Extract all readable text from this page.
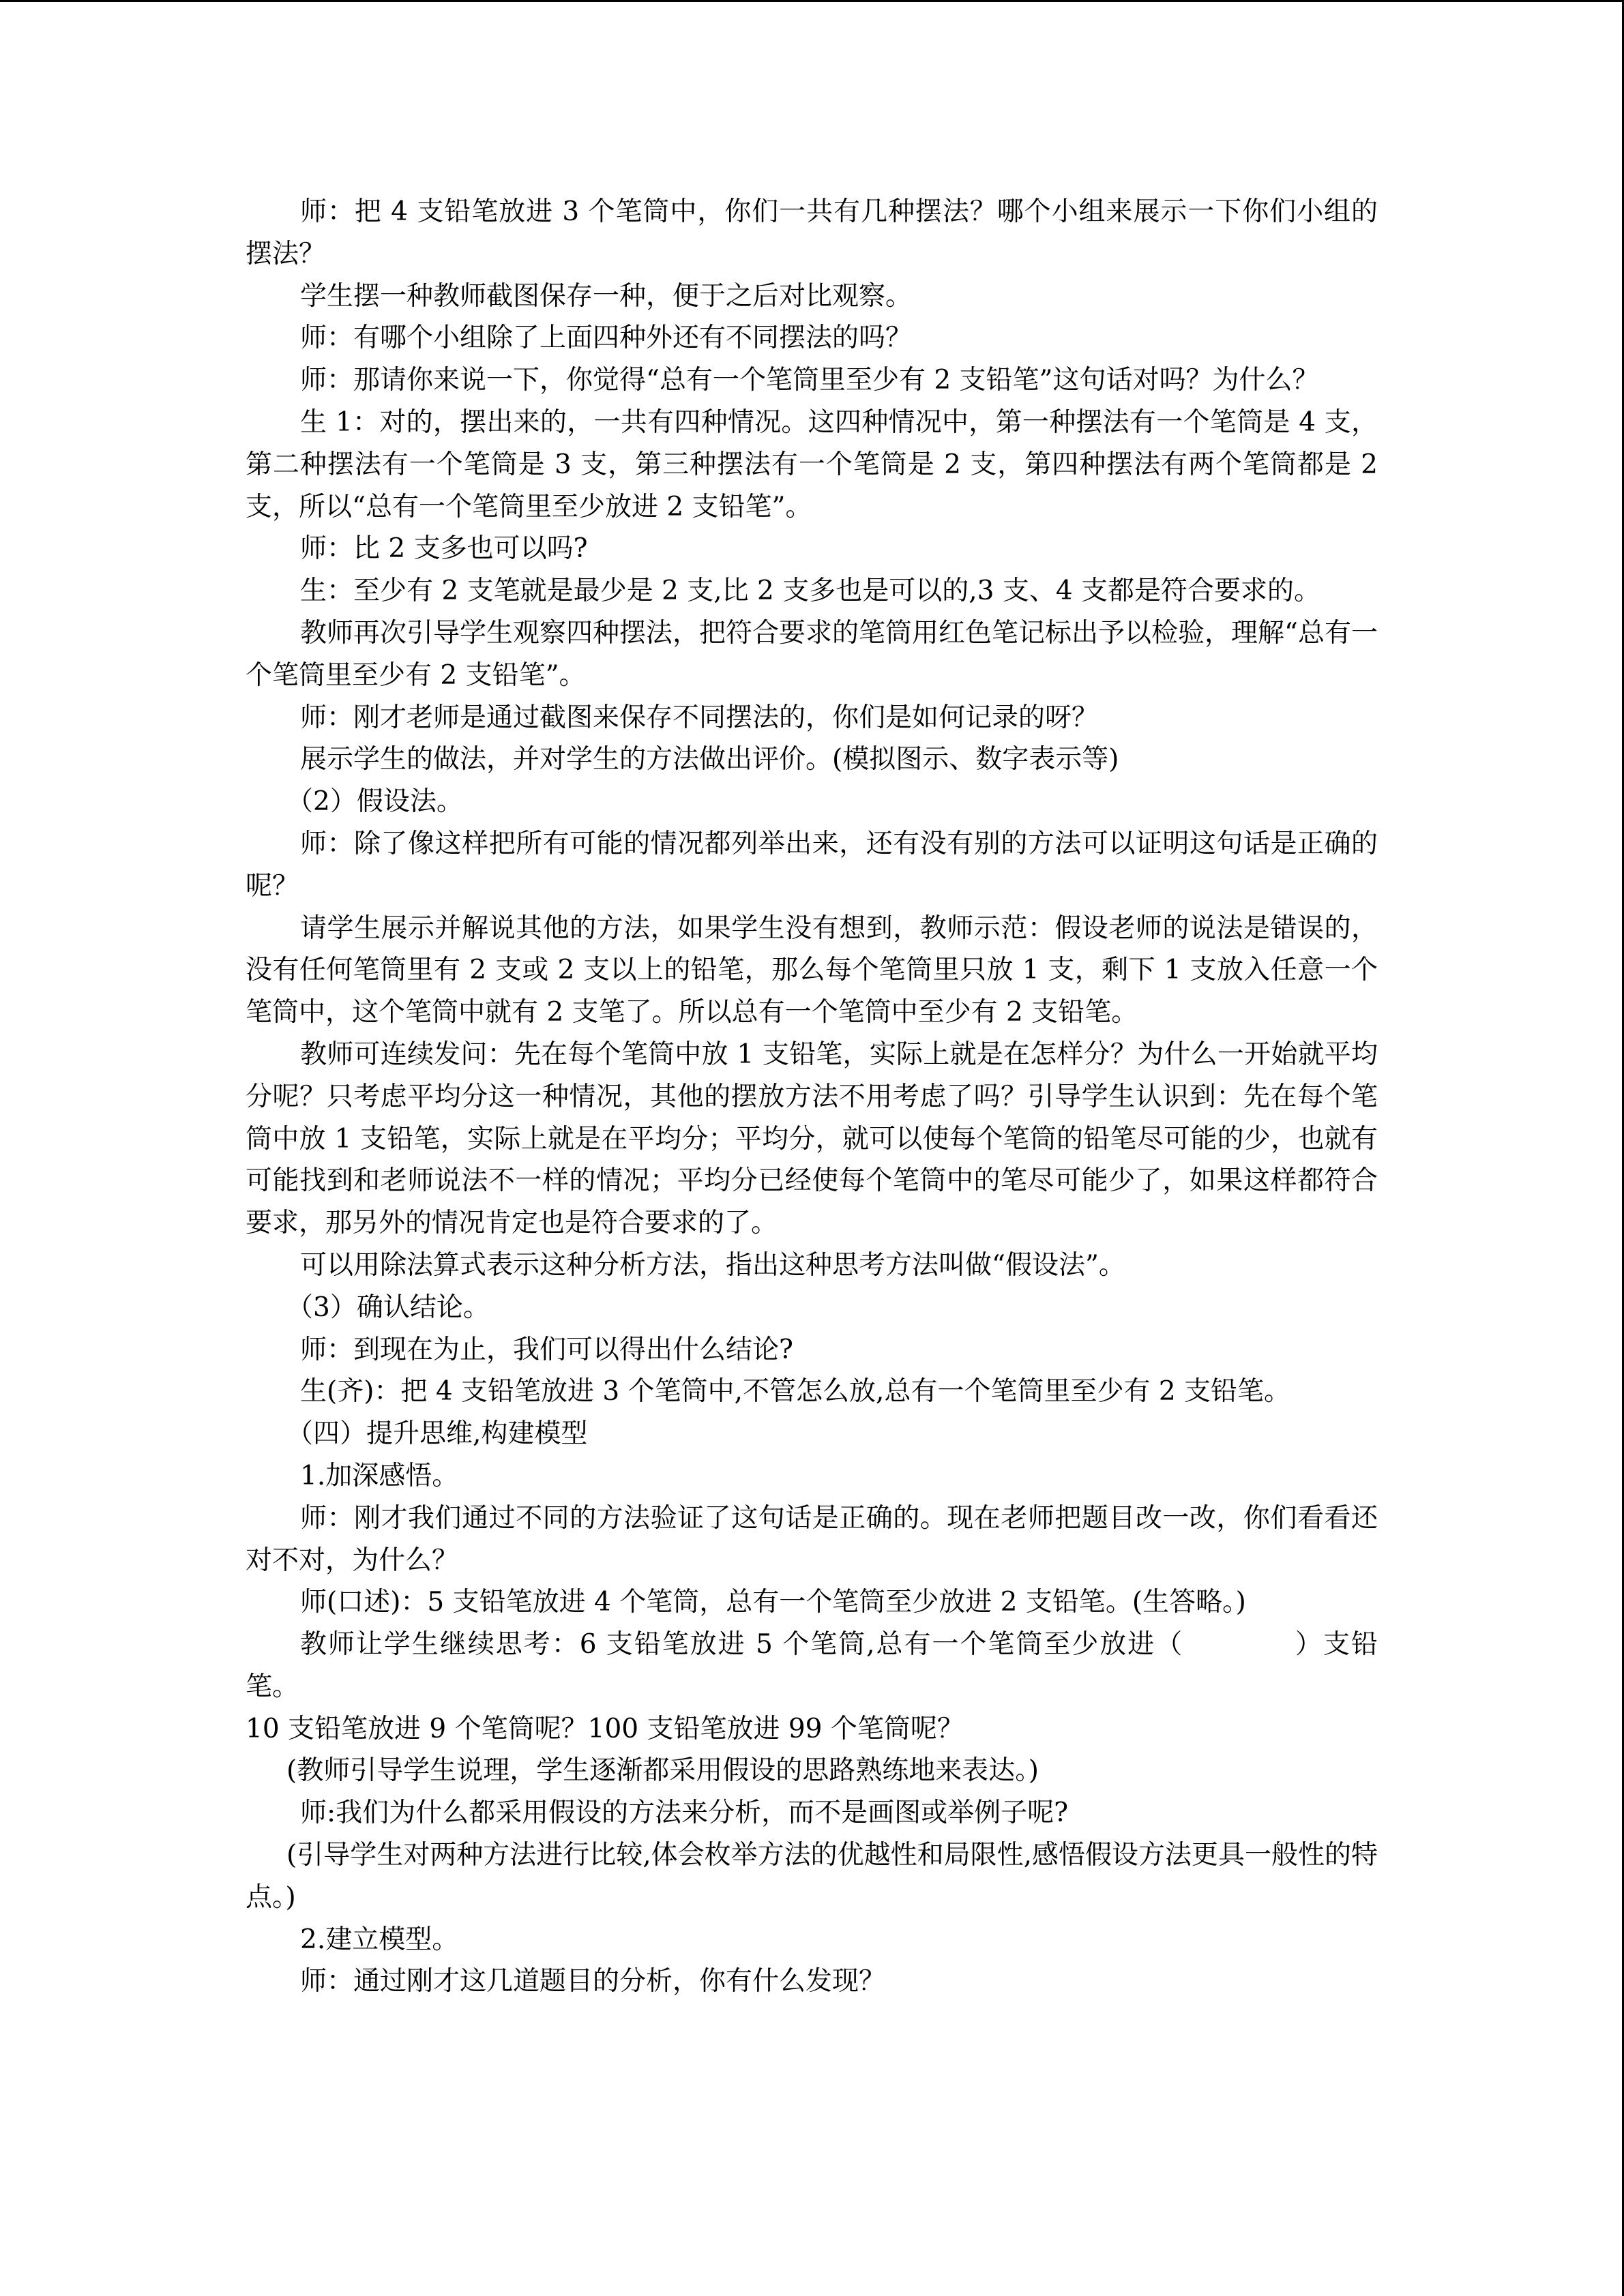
师：把 4 支铅笔放进 3 个笔筒中，你们一共有几种摆法？哪个小组来展示一下你们小组的摆法？

学生摆一种教师截图保存一种，便于之后对比观察。

师：有哪个小组除了上面四种外还有不同摆法的吗？

师：那请你来说一下，你觉得“总有一个笔筒里至少有 2 支铅笔”这句话对吗？为什么？

生 1：对的，摆出来的，一共有四种情况。这四种情况中，第一种摆法有一个笔筒是 4 支，第二种摆法有一个笔筒是 3 支，第三种摆法有一个笔筒是 2 支，第四种摆法有两个笔筒都是 2 支，所以“总有一个笔筒里至少放进 2 支铅笔”。

师：比 2 支多也可以吗?

生：至少有 2 支笔就是最少是 2 支,比 2 支多也是可以的,3 支、4 支都是符合要求的。

教师再次引导学生观察四种摆法，把符合要求的笔筒用红色笔记标出予以检验，理解“总有一个笔筒里至少有 2 支铅笔”。

师：刚才老师是通过截图来保存不同摆法的，你们是如何记录的呀？

展示学生的做法，并对学生的方法做出评价。(模拟图示、数字表示等)

（2）假设法。

师：除了像这样把所有可能的情况都列举出来，还有没有别的方法可以证明这句话是正确的呢？

请学生展示并解说其他的方法，如果学生没有想到，教师示范：假设老师的说法是错误的，没有任何笔筒里有 2 支或 2 支以上的铅笔，那么每个笔筒里只放 1 支，剩下 1 支放入任意一个笔筒中，这个笔筒中就有 2 支笔了。所以总有一个笔筒中至少有 2 支铅笔。

教师可连续发问：先在每个笔筒中放 1 支铅笔，实际上就是在怎样分？为什么一开始就平均分呢？只考虑平均分这一种情况，其他的摆放方法不用考虑了吗？引导学生认识到：先在每个笔筒中放 1 支铅笔，实际上就是在平均分；平均分，就可以使每个笔筒的铅笔尽可能的少，也就有可能找到和老师说法不一样的情况；平均分已经使每个笔筒中的笔尽可能少了，如果这样都符合要求，那另外的情况肯定也是符合要求的了。

可以用除法算式表示这种分析方法，指出这种思考方法叫做“假设法”。

（3）确认结论。

师：到现在为止，我们可以得出什么结论?

生(齐)：把 4 支铅笔放进 3 个笔筒中,不管怎么放,总有一个笔筒里至少有 2 支铅笔。

（四）提升思维,构建模型

1.加深感悟。

师：刚才我们通过不同的方法验证了这句话是正确的。现在老师把题目改一改，你们看看还对不对，为什么？

师(口述)：5 支铅笔放进 4 个笔筒，总有一个笔筒至少放进 2 支铅笔。(生答略。)

教师让学生继续思考：6 支铅笔放进 5 个笔筒,总有一个笔筒至少放进（　　　　）支铅笔。

10 支铅笔放进 9 个笔筒呢？100 支铅笔放进 99 个笔筒呢？

(教师引导学生说理，学生逐渐都采用假设的思路熟练地来表达。)

师:我们为什么都采用假设的方法来分析，而不是画图或举例子呢?

(引导学生对两种方法进行比较,体会枚举方法的优越性和局限性,感悟假设方法更具一般性的特点。)

2.建立模型。

师：通过刚才这几道题目的分析，你有什么发现？
